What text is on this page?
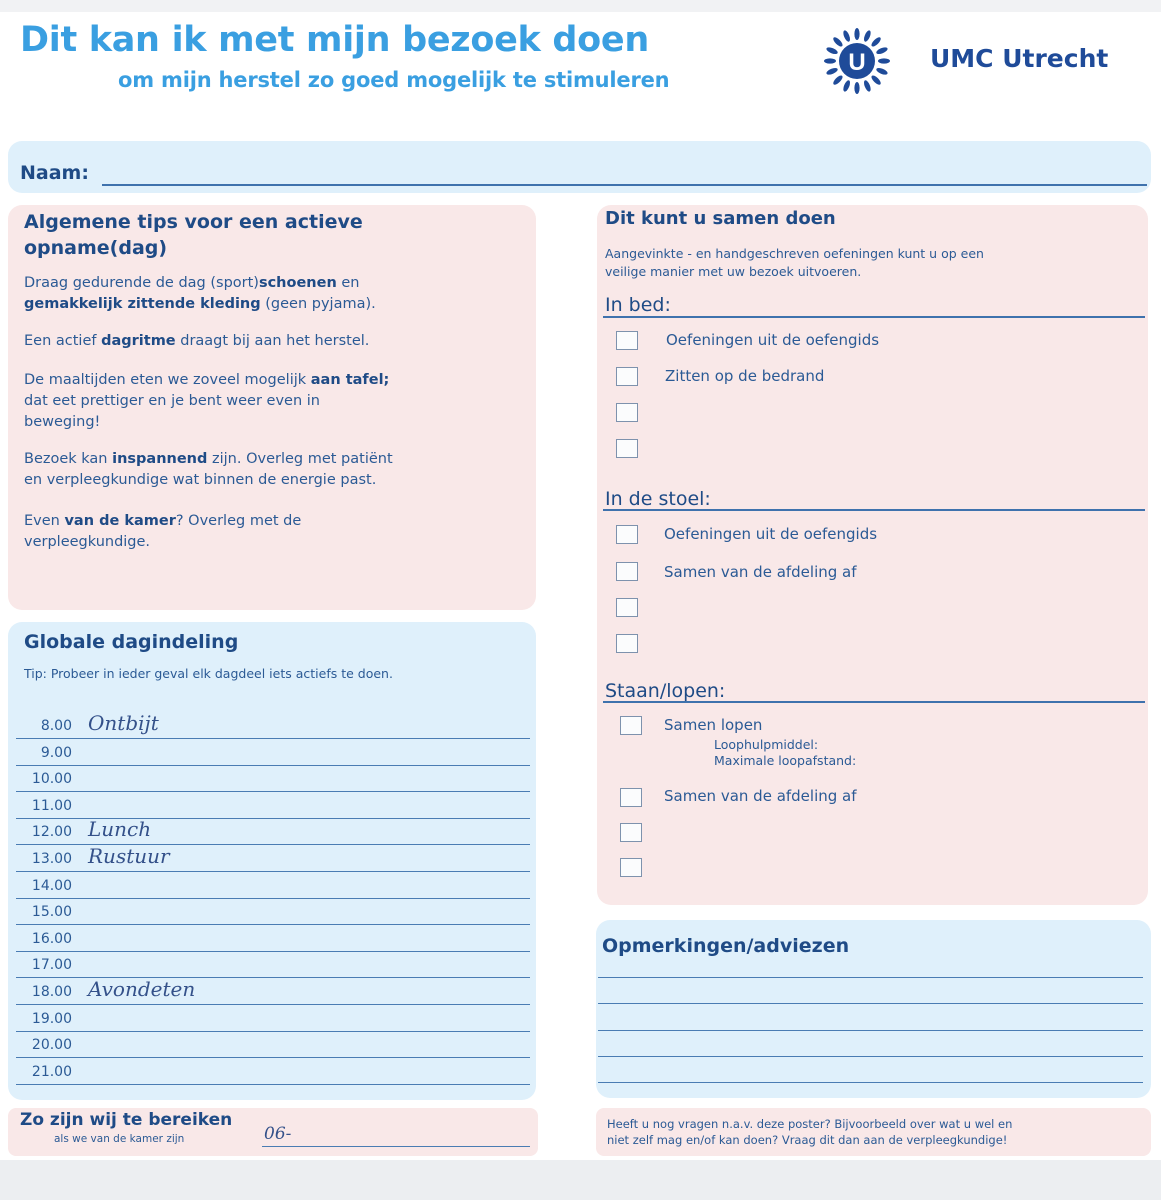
Dit kan ik met mijn bezoek doen
om mijn herstel zo goed mogelijk te stimuleren
U	UMC Utrecht
Naam:
Algemene tips voor een actieve
opname(dag)
Draag gedurende de dag (sport)schoenen en
gemakkelijk zittende kleding (geen pyjama).
Een actief dagritme draagt bij aan het herstel.
De maaltijden eten we zoveel mogelijk aan tafel;
dat eet prettiger en je bent weer even in
beweging!
Bezoek kan inspannend zijn. Overleg met patiënt
en verpleegkundige wat binnen de energie past.
Even van de kamer? Overleg met de
verpleegkundige.
Dit kunt u samen doen
Aangevinkte - en handgeschreven oefeningen kunt u op een
veilige manier met uw bezoek uitvoeren.
In bed:
Oefeningen uit de oefengids
Zitten op de bedrand
In de stoel:
Oefeningen uit de oefengids
Samen van de afdeling af
Staan/lopen:
Samen lopen
Loophulpmiddel:
Maximale loopafstand:
Samen van de afdeling af
Globale dagindeling
Tip: Probeer in ieder geval elk dagdeel iets actiefs te doen.
8.00 Ontbijt
9.00
10.00
11.00
12.00 Lunch
13.00 Rustuur
14.00
15.00
16.00
17.00
18.00 Avondeten
19.00
20.00
21.00
Opmerkingen/adviezen
Zo zijn wij te bereiken
als we van de kamer zijn	06-	Heeft u nog vragen n.a.v. deze poster? Bijvoorbeeld over wat u wel en
niet zelf mag en/of kan doen? Vraag dit dan aan de verpleegkundige!
